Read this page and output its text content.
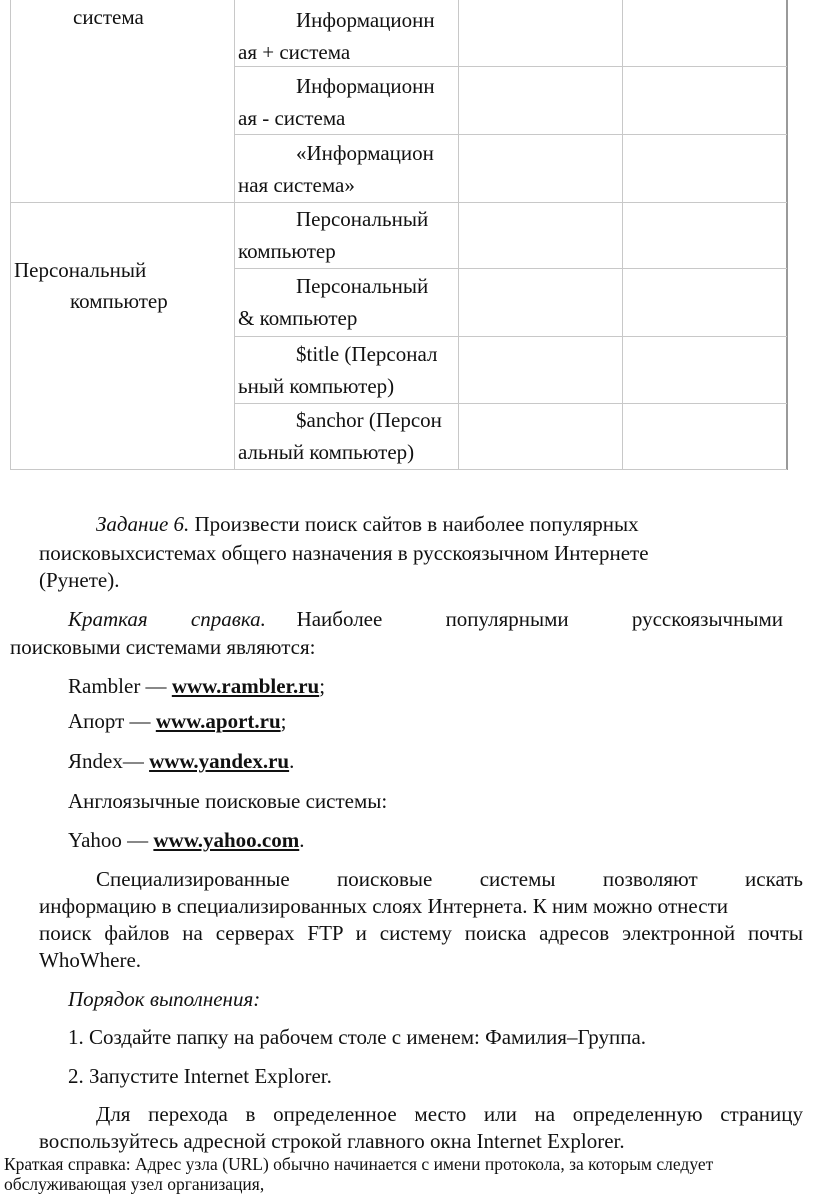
система
Персональный
компьютер
Информационн
ая + система
Информационн
ая - система
«Информацион
ная система»
Персональный
компьютер
Персональный
& компьютер
$title (Персонал
ьный компьютер)
$anchor (Персон
альный компьютер)
Задание 6. Произвести поиск сайтов в наиболее популярных
поисковыхсистемах общего назначения в русскоязычном Интернете
(Рунете).
Краткая справка. Наиболее популярными русскоязычными
поисковыми системами являются:
Rambler — www.rambler.ru;
Апорт — www.aport.ru;
Яndex— www.yandex.ru.
Англоязычные поисковые системы:
Yahoo — www.yahoo.com.
Специализированные поисковые системы позволяют искать
информацию в специализированных слоях Интернета. К ним можно отнести
поиск файлов на серверах FTP и систему поиска адресов электронной почты
WhoWhere.
Порядок выполнения:
1. Создайте папку на рабочем столе с именем: Фамилия–Группа.
2. Запустите Internet Explorer.
Для перехода в определенное место или на определенную страницу
воспользуйтесь адресной строкой главного окна Internet Explorer.
Краткая справка: Адрес узла (URL) обычно начинается с имени протокола, за которым следует
обслуживающая узел организация,
